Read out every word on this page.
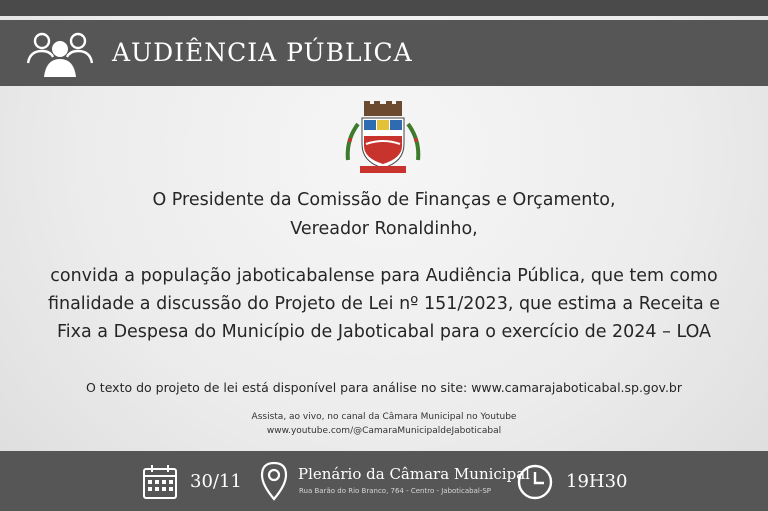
AUDIÊNCIA PÚBLICA
O Presidente da Comissão de Finanças e Orçamento,
Vereador Ronaldinho,
convida a população jaboticabalense para Audiência Pública, que tem como
finalidade a discussão do Projeto de Lei nº 151/2023, que estima a Receita e
Fixa a Despesa do Município de Jaboticabal para o exercício de 2024 – LOA
O texto do projeto de lei está disponível para análise no site: www.camarajaboticabal.sp.gov.br
Assista, ao vivo, no canal da Câmara Municipal no Youtube
www.youtube.com/@CamaraMunicipaldeJaboticabal
30/11	Plenário da Câmara Municipal
Rua Barão do Rio Branco, 764 - Centro - Jaboticabal-SP	19H30
